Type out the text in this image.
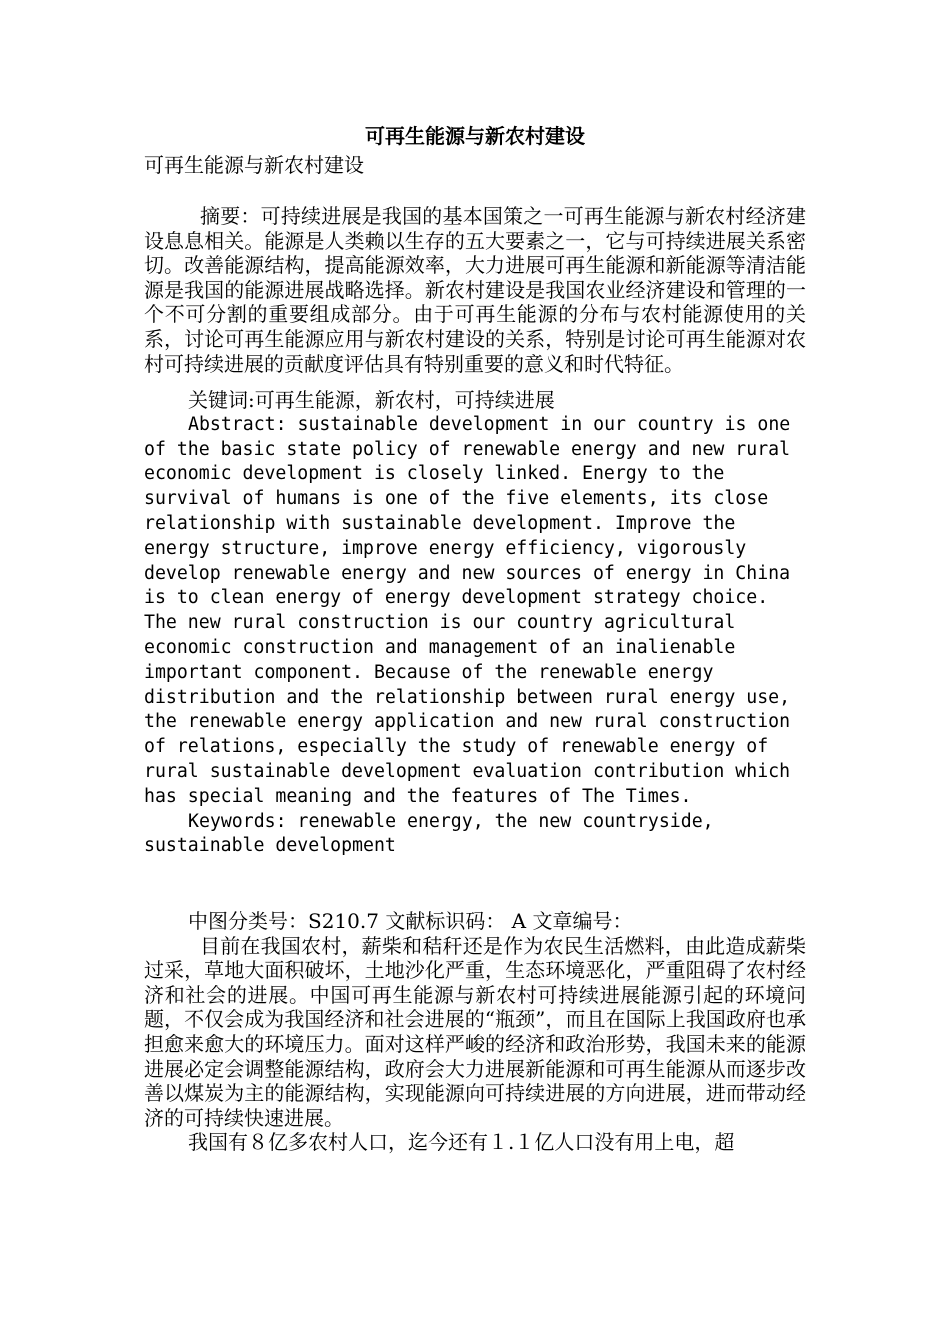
可再生能源与新农村建设

可再生能源与新农村建设

摘要：可持续进展是我国的基本国策之一可再生能源与新农村经济建设息息相关。能源是人类赖以生存的五大要素之一，它与可持续进展关系密切。改善能源结构，提高能源效率，大力进展可再生能源和新能源等清洁能源是我国的能源进展战略选择。新农村建设是我国农业经济建设和管理的一个不可分割的重要组成部分。由于可再生能源的分布与农村能源使用的关系，讨论可再生能源应用与新农村建设的关系，特别是讨论可再生能源对农村可持续进展的贡献度评估具有特别重要的意义和时代特征。

关键词:可再生能源，新农村，可持续进展

Abstract: sustainable development in our country is one of the basic state policy of renewable energy and new rural economic development is closely linked. Energy to the survival of humans is one of the five elements, its close relationship with sustainable development. Improve the energy structure, improve energy efficiency, vigorously develop renewable energy and new sources of energy in China is to clean energy of energy development strategy choice. The new rural construction is our country agricultural economic construction and management of an inalienable important component. Because of the renewable energy distribution and the relationship between rural energy use, the renewable energy application and new rural construction of relations, especially the study of renewable energy of rural sustainable development evaluation contribution which has special meaning and the features of The Times.

Keywords: renewable energy, the new countryside, sustainable development

中图分类号：S210.7 文献标识码： A 文章编号：

目前在我国农村，薪柴和秸秆还是作为农民生活燃料，由此造成薪柴过采，草地大面积破坏，土地沙化严重，生态环境恶化，严重阻碍了农村经济和社会的进展。中国可再生能源与新农村可持续进展能源引起的环境问题，不仅会成为我国经济和社会进展的“瓶颈”，而且在国际上我国政府也承担愈来愈大的环境压力。面对这样严峻的经济和政治形势，我国未来的能源进展必定会调整能源结构，政府会大力进展新能源和可再生能源从而逐步改善以煤炭为主的能源结构，实现能源向可持续进展的方向进展，进而带动经济的可持续快速进展。

我国有８亿多农村人口，迄今还有１.１亿人口没有用上电，超
